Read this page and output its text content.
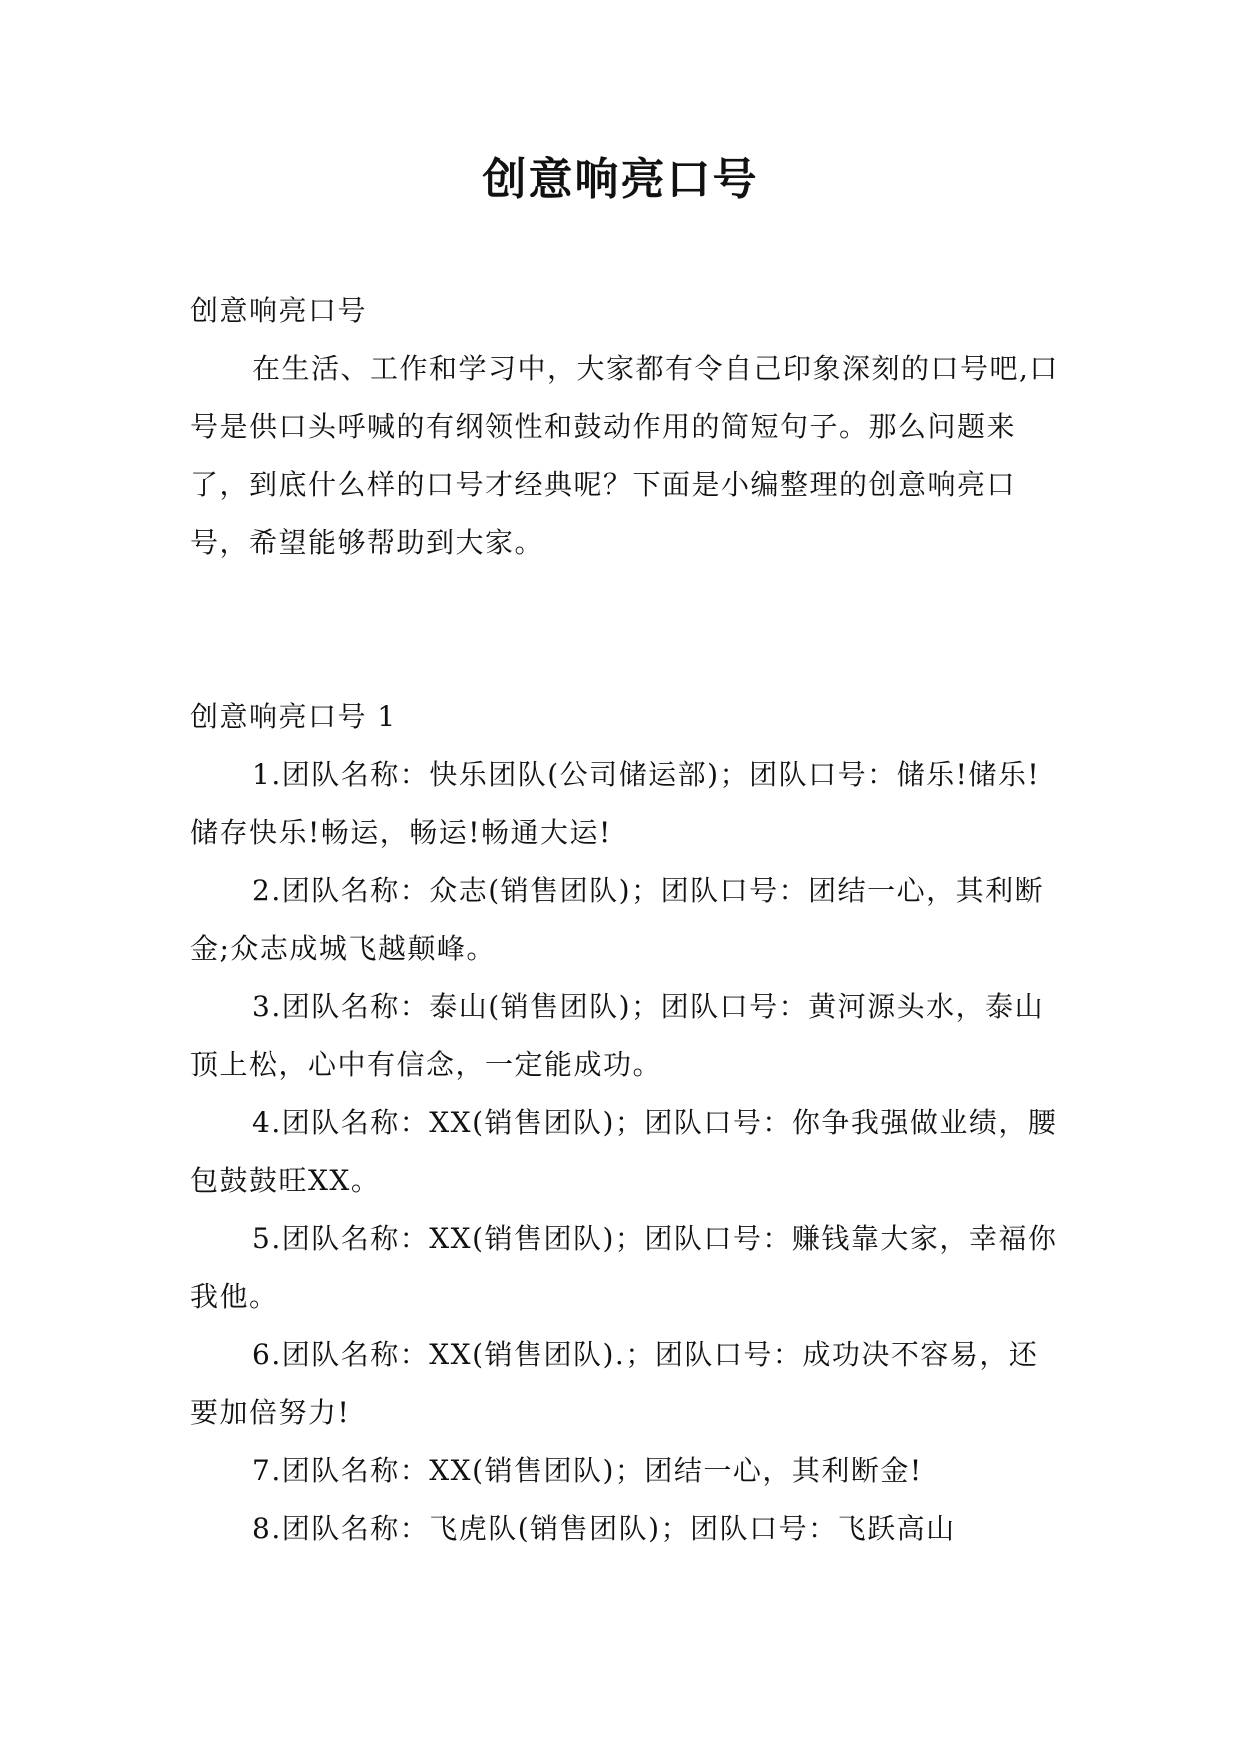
创意响亮口号

创意响亮口号

在生活、工作和学习中，大家都有令自己印象深刻的口号吧,口号是供口头呼喊的有纲领性和鼓动作用的简短句子。那么问题来了，到底什么样的口号才经典呢？下面是小编整理的创意响亮口号，希望能够帮助到大家。

创意响亮口号 1

1.团队名称：快乐团队(公司储运部)；团队口号：储乐!储乐!储存快乐!畅运，畅运!畅通大运!

2.团队名称：众志(销售团队)；团队口号：团结一心，其利断金;众志成城飞越颠峰。

3.团队名称：泰山(销售团队)；团队口号：黄河源头水，泰山顶上松，心中有信念，一定能成功。

4.团队名称：XX(销售团队)；团队口号：你争我强做业绩，腰包鼓鼓旺XX。

5.团队名称：XX(销售团队)；团队口号：赚钱靠大家，幸福你我他。

6.团队名称：XX(销售团队).；团队口号：成功决不容易，还要加倍努力!

7.团队名称：XX(销售团队)；团结一心，其利断金!

8.团队名称：飞虎队(销售团队)；团队口号：飞跃高山
